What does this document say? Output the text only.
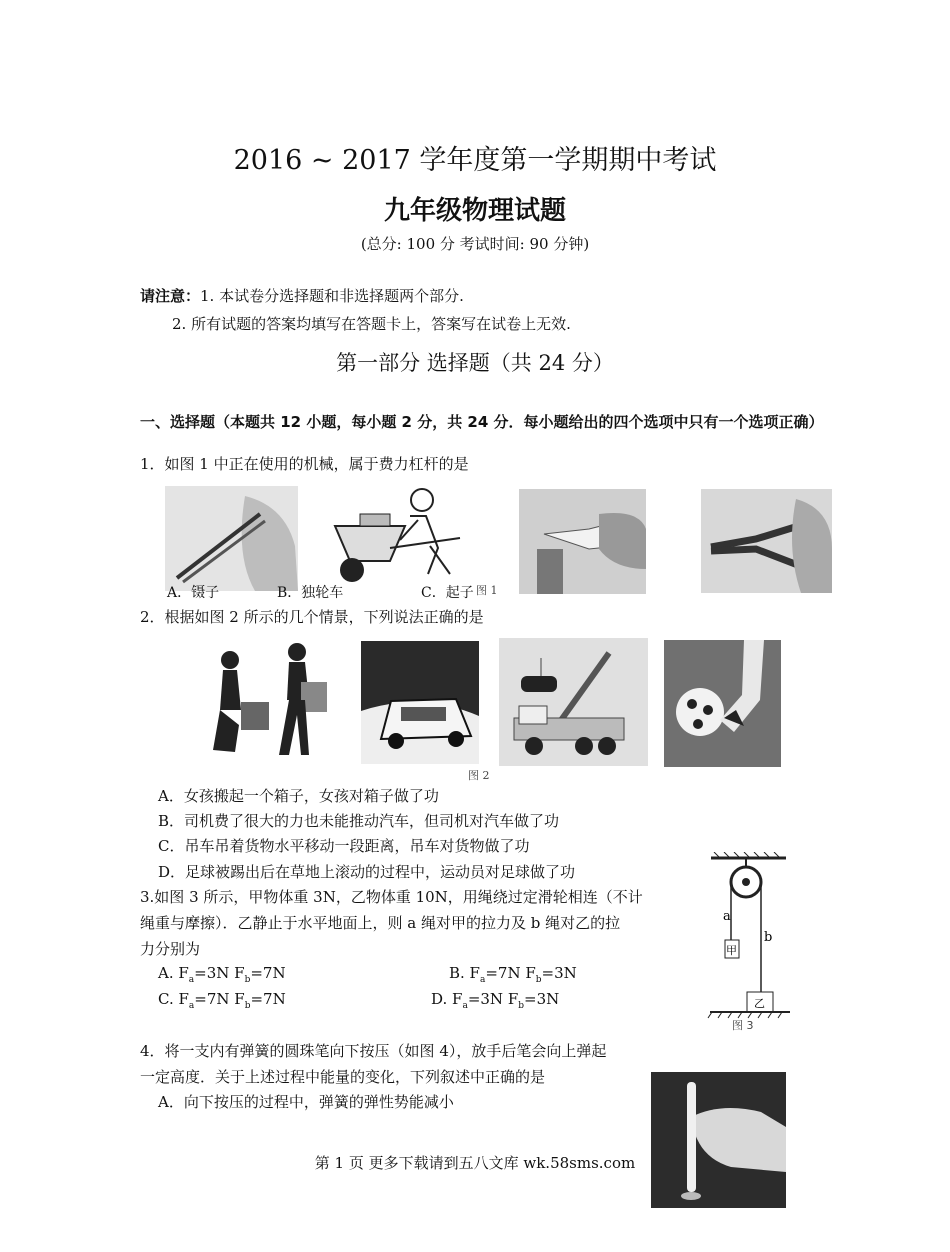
2016 ~ 2017 学年度第一学期期中考试
九年级物理试题
(总分: 100 分 考试时间: 90 分钟)
请注意：1. 本试卷分选择题和非选择题两个部分.
2. 所有试题的答案均填写在答题卡上，答案写在试卷上无效.
第一部分 选择题（共 24 分）
一、选择题（本题共 12 小题，每小题 2 分，共 24 分．每小题给出的四个选项中只有一个选项正确）
1．如图 1 中正在使用的机械，属于费力杠杆的是
A．镊子	B．独轮车	C．起子 图 1
2．根据如图 2 所示的几个情景，下列说法正确的是
图 2
A．女孩搬起一个箱子，女孩对箱子做了功
B．司机费了很大的力也未能推动汽车，但司机对汽车做了功
C．吊车吊着货物水平移动一段距离，吊车对货物做了功
D．足球被踢出后在草地上滚动的过程中，运动员对足球做了功
3.如图 3 所示，甲物体重 3N，乙物体重 10N，用绳绕过定滑轮相连（不计
绳重与摩擦）．乙静止于水平地面上，则 a 绳对甲的拉力及 b 绳对乙的拉
力分别为
A. $F_a=3N$ $F_b=7N$	B. $F_a=7N$ $F_b=3N$
C. $F_a=7N$ $F_b=7N$	D. $F_a=3N$ $F_b=3N$
a
b
甲
乙
图 3
4．将一支内有弹簧的圆珠笔向下按压（如图 4），放手后笔会向上弹起
一定高度．关于上述过程中能量的变化，下列叙述中正确的是
A．向下按压的过程中，弹簧的弹性势能减小
第 1 页 更多下载请到五八文库 wk.58sms.com
